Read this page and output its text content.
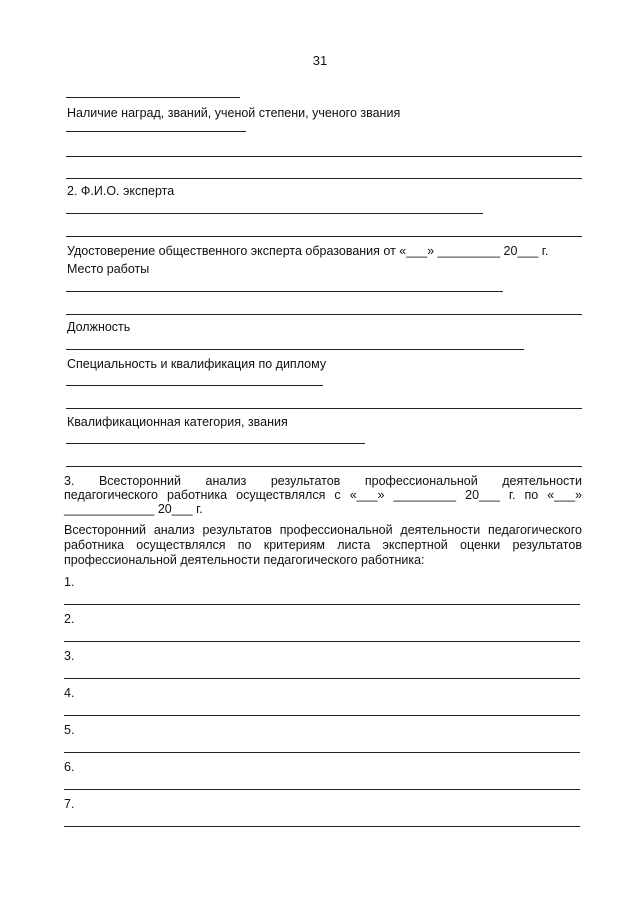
31
Наличие наград, званий, ученой степени, ученого звания
2. Ф.И.О. эксперта
Удостоверение общественного эксперта образования от «___» _________ 20___ г.
Место работы
Должность
Специальность и квалификация по диплому
Квалификационная категория, звания
3. Всесторонний анализ результатов профессиональной деятельности
педагогического работника осуществлялся с «___» _________ 20___ г. по «___»
_____________ 20___ г.
Всесторонний анализ результатов профессиональной деятельности педагогического работника осуществлялся по критериям листа экспертной оценки результатов профессиональной деятельности педагогического работника:
1.
2.
3.
4.
5.
6.
7.
